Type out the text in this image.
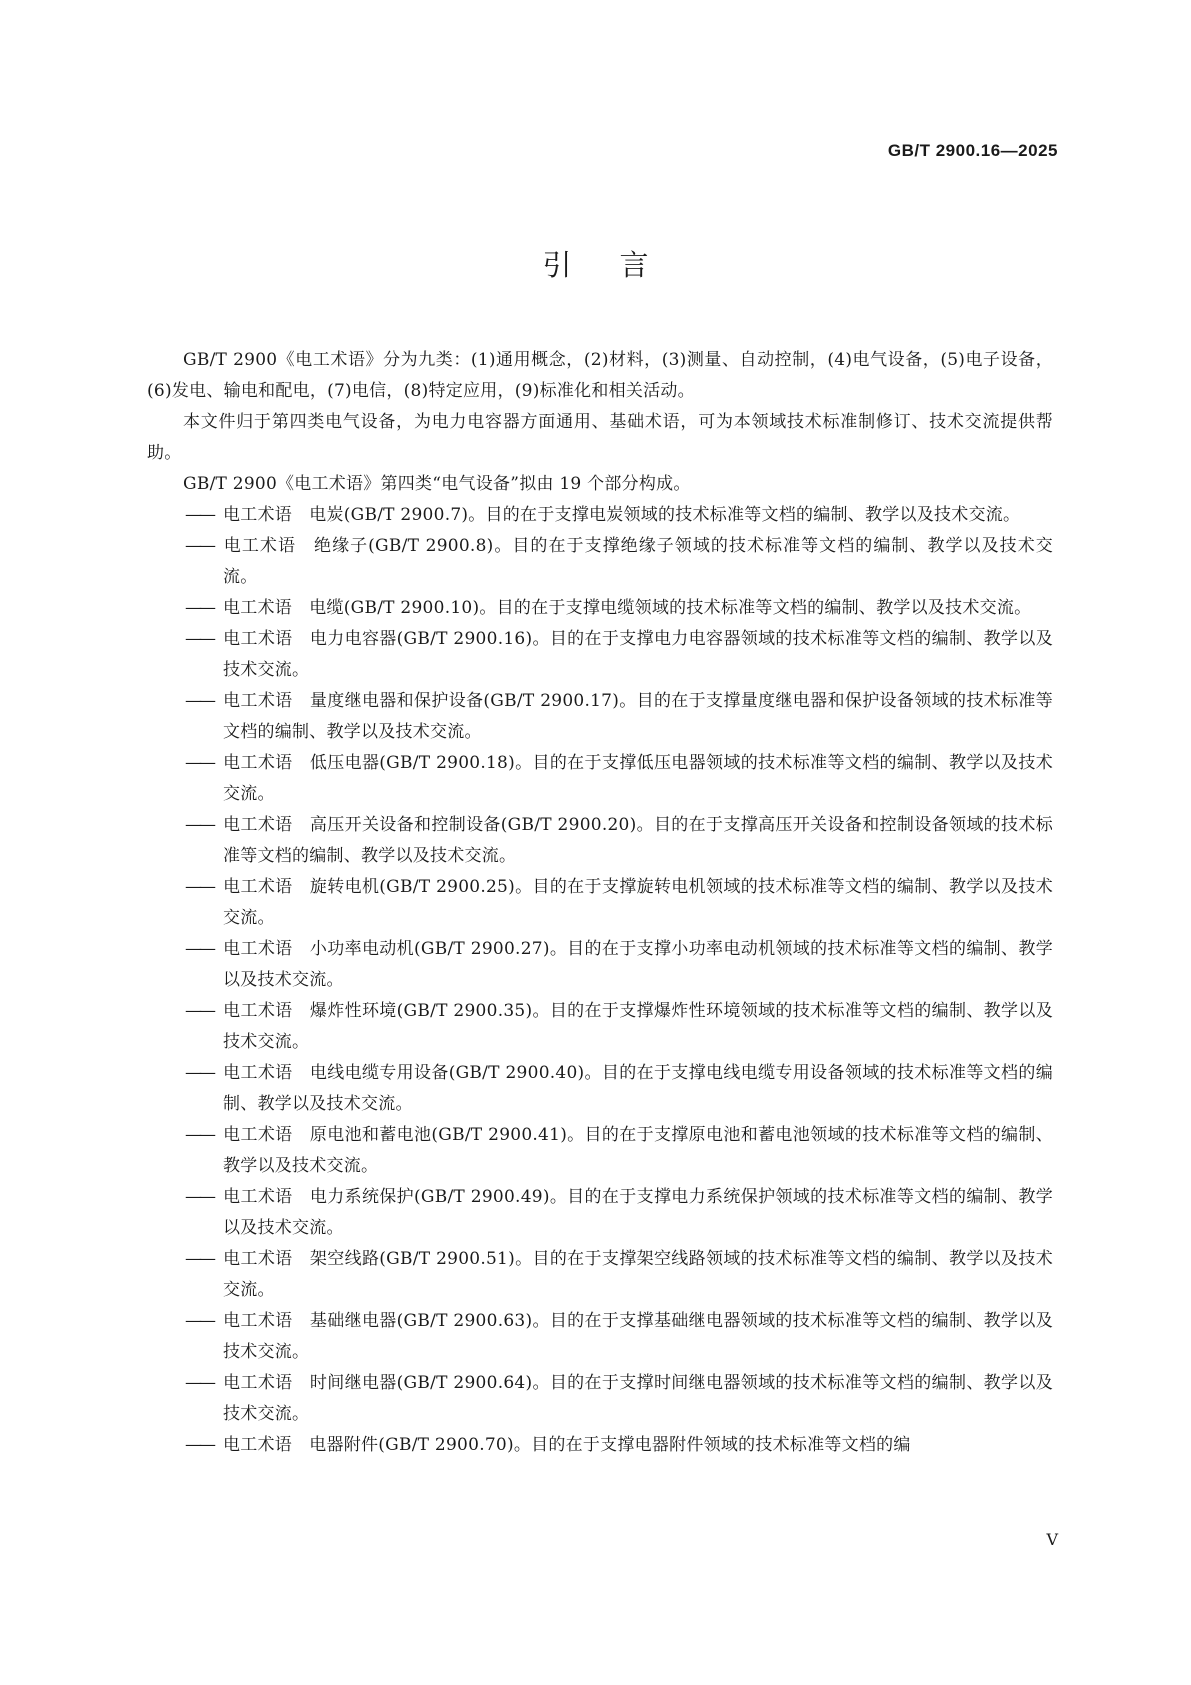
GB/T 2900.16—2025
引言

GB/T 2900《电工术语》分为九类：(1)通用概念，(2)材料，(3)测量、自动控制，(4)电气设备，(5)电子设备，(6)发电、输电和配电，(7)电信，(8)特定应用，(9)标准化和相关活动。

本文件归于第四类电气设备，为电力电容器方面通用、基础术语，可为本领域技术标准制修订、技术交流提供帮助。

GB/T 2900《电工术语》第四类“电气设备”拟由 19 个部分构成。

—— 电工术语　电炭(GB/T 2900.7)。目的在于支撑电炭领域的技术标准等文档的编制、教学以及技术交流。

—— 电工术语　绝缘子(GB/T 2900.8)。目的在于支撑绝缘子领域的技术标准等文档的编制、教学以及技术交流。

—— 电工术语　电缆(GB/T 2900.10)。目的在于支撑电缆领域的技术标准等文档的编制、教学以及技术交流。

—— 电工术语　电力电容器(GB/T 2900.16)。目的在于支撑电力电容器领域的技术标准等文档的编制、教学以及技术交流。

—— 电工术语　量度继电器和保护设备(GB/T 2900.17)。目的在于支撑量度继电器和保护设备领域的技术标准等文档的编制、教学以及技术交流。

—— 电工术语　低压电器(GB/T 2900.18)。目的在于支撑低压电器领域的技术标准等文档的编制、教学以及技术交流。

—— 电工术语　高压开关设备和控制设备(GB/T 2900.20)。目的在于支撑高压开关设备和控制设备领域的技术标准等文档的编制、教学以及技术交流。

—— 电工术语　旋转电机(GB/T 2900.25)。目的在于支撑旋转电机领域的技术标准等文档的编制、教学以及技术交流。

—— 电工术语　小功率电动机(GB/T 2900.27)。目的在于支撑小功率电动机领域的技术标准等文档的编制、教学以及技术交流。

—— 电工术语　爆炸性环境(GB/T 2900.35)。目的在于支撑爆炸性环境领域的技术标准等文档的编制、教学以及技术交流。

—— 电工术语　电线电缆专用设备(GB/T 2900.40)。目的在于支撑电线电缆专用设备领域的技术标准等文档的编制、教学以及技术交流。

—— 电工术语　原电池和蓄电池(GB/T 2900.41)。目的在于支撑原电池和蓄电池领域的技术标准等文档的编制、教学以及技术交流。

—— 电工术语　电力系统保护(GB/T 2900.49)。目的在于支撑电力系统保护领域的技术标准等文档的编制、教学以及技术交流。

—— 电工术语　架空线路(GB/T 2900.51)。目的在于支撑架空线路领域的技术标准等文档的编制、教学以及技术交流。

—— 电工术语　基础继电器(GB/T 2900.63)。目的在于支撑基础继电器领域的技术标准等文档的编制、教学以及技术交流。

—— 电工术语　时间继电器(GB/T 2900.64)。目的在于支撑时间继电器领域的技术标准等文档的编制、教学以及技术交流。

—— 电工术语　电器附件(GB/T 2900.70)。目的在于支撑电器附件领域的技术标准等文档的编

V
